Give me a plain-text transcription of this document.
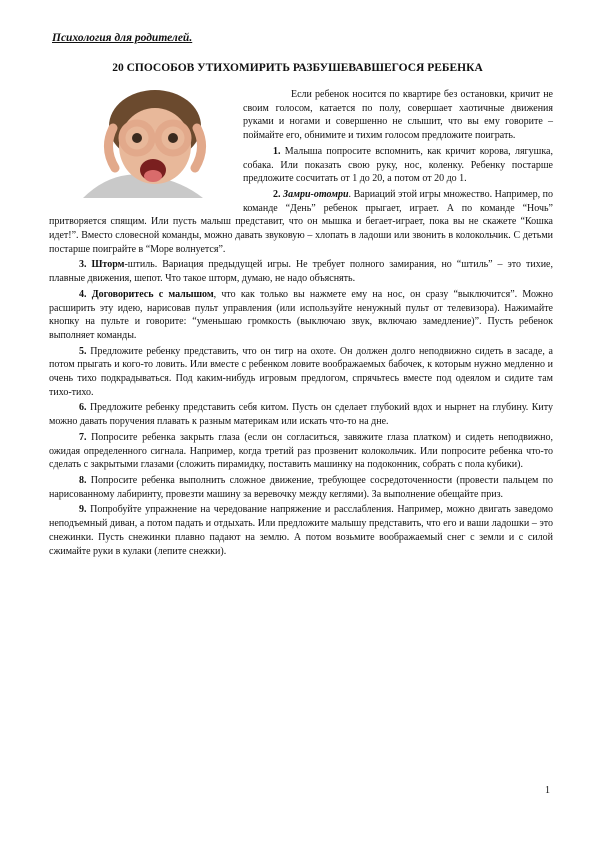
Психология для родителей.
20 СПОСОБОВ УТИХОМИРИТЬ РАЗБУШЕВАВШЕГОСЯ РЕБЕНКА

Если ребенок носится по квартире без остановки, кричит не своим голосом, катается по полу, совершает хаотичные движения руками и ногами и совершенно не слышит, что вы ему говорите – поймайте его, обнимите и тихим голосом предложите поиграть.

1. Малыша попросите вспомнить, как кричит корова, лягушка, собака. Или показать свою руку, нос, коленку. Ребенку постарше предложите сосчитать от 1 до 20, а потом от 20 до 1.

2. Замри-отомри. Вариаций этой игры множество. Например, по команде “День” ребенок прыгает, играет. А по команде “Ночь” притворяется спящим. Или пусть малыш представит, что он мышка и бегает-играет, пока вы не скажете “Кошка идет!”. Вместо словесной команды, можно давать звуковую – хлопать в ладоши или звонить в колокольчик. С детьми постарше поиграйте в “Море волнуется”.

3. Шторм-штиль. Вариация предыдущей игры. Не требует полного замирания, но “штиль” – это тихие, плавные движения, шепот. Что такое шторм, думаю, не надо объяснять.

4. Договоритесь с малышом, что как только вы нажмете ему на нос, он сразу “выключится”. Можно расширить эту идею, нарисовав пульт управления (или используйте ненужный пульт от телевизора). Нажимайте кнопку на пульте и говорите: “уменьшаю громкость (выключаю звук, включаю замедление)”. Пусть ребенок выполняет команды.

5. Предложите ребенку представить, что он тигр на охоте. Он должен долго неподвижно сидеть в засаде, а потом прыгать и кого-то ловить. Или вместе с ребенком ловите воображаемых бабочек, к которым нужно медленно и очень тихо подкрадываться. Под каким-нибудь игровым предлогом, спрячьтесь вместе под одеялом и сидите там тихо-тихо.

6. Предложите ребенку представить себя китом. Пусть он сделает глубокий вдох и нырнет на глубину. Киту можно давать поручения плавать к разным материкам или искать что-то на дне.

7. Попросите ребенка закрыть глаза (если он согласиться, завяжите глаза платком) и сидеть неподвижно, ожидая определенного сигнала. Например, когда третий раз прозвенит колокольчик. Или попросите ребенка что-то сделать с закрытыми глазами (сложить пирамидку, поставить машинку на подоконник, собрать с пола кубики).

8. Попросите ребенка выполнить сложное движение, требующее сосредоточенности (провести пальцем по нарисованному лабиринту, провезти машину за веревочку между кеглями). За выполнение обещайте приз.

9. Попробуйте упражнение на чередование напряжение и расслабления. Например, можно двигать заведомо неподъемный диван, а потом падать и отдыхать. Или предложите малышу представить, что его и ваши ладошки – это снежинки. Пусть снежинки плавно падают на землю. А потом возьмите воображаемый снег с земли и с силой сжимайте руки в кулаки (лепите снежки).

1
